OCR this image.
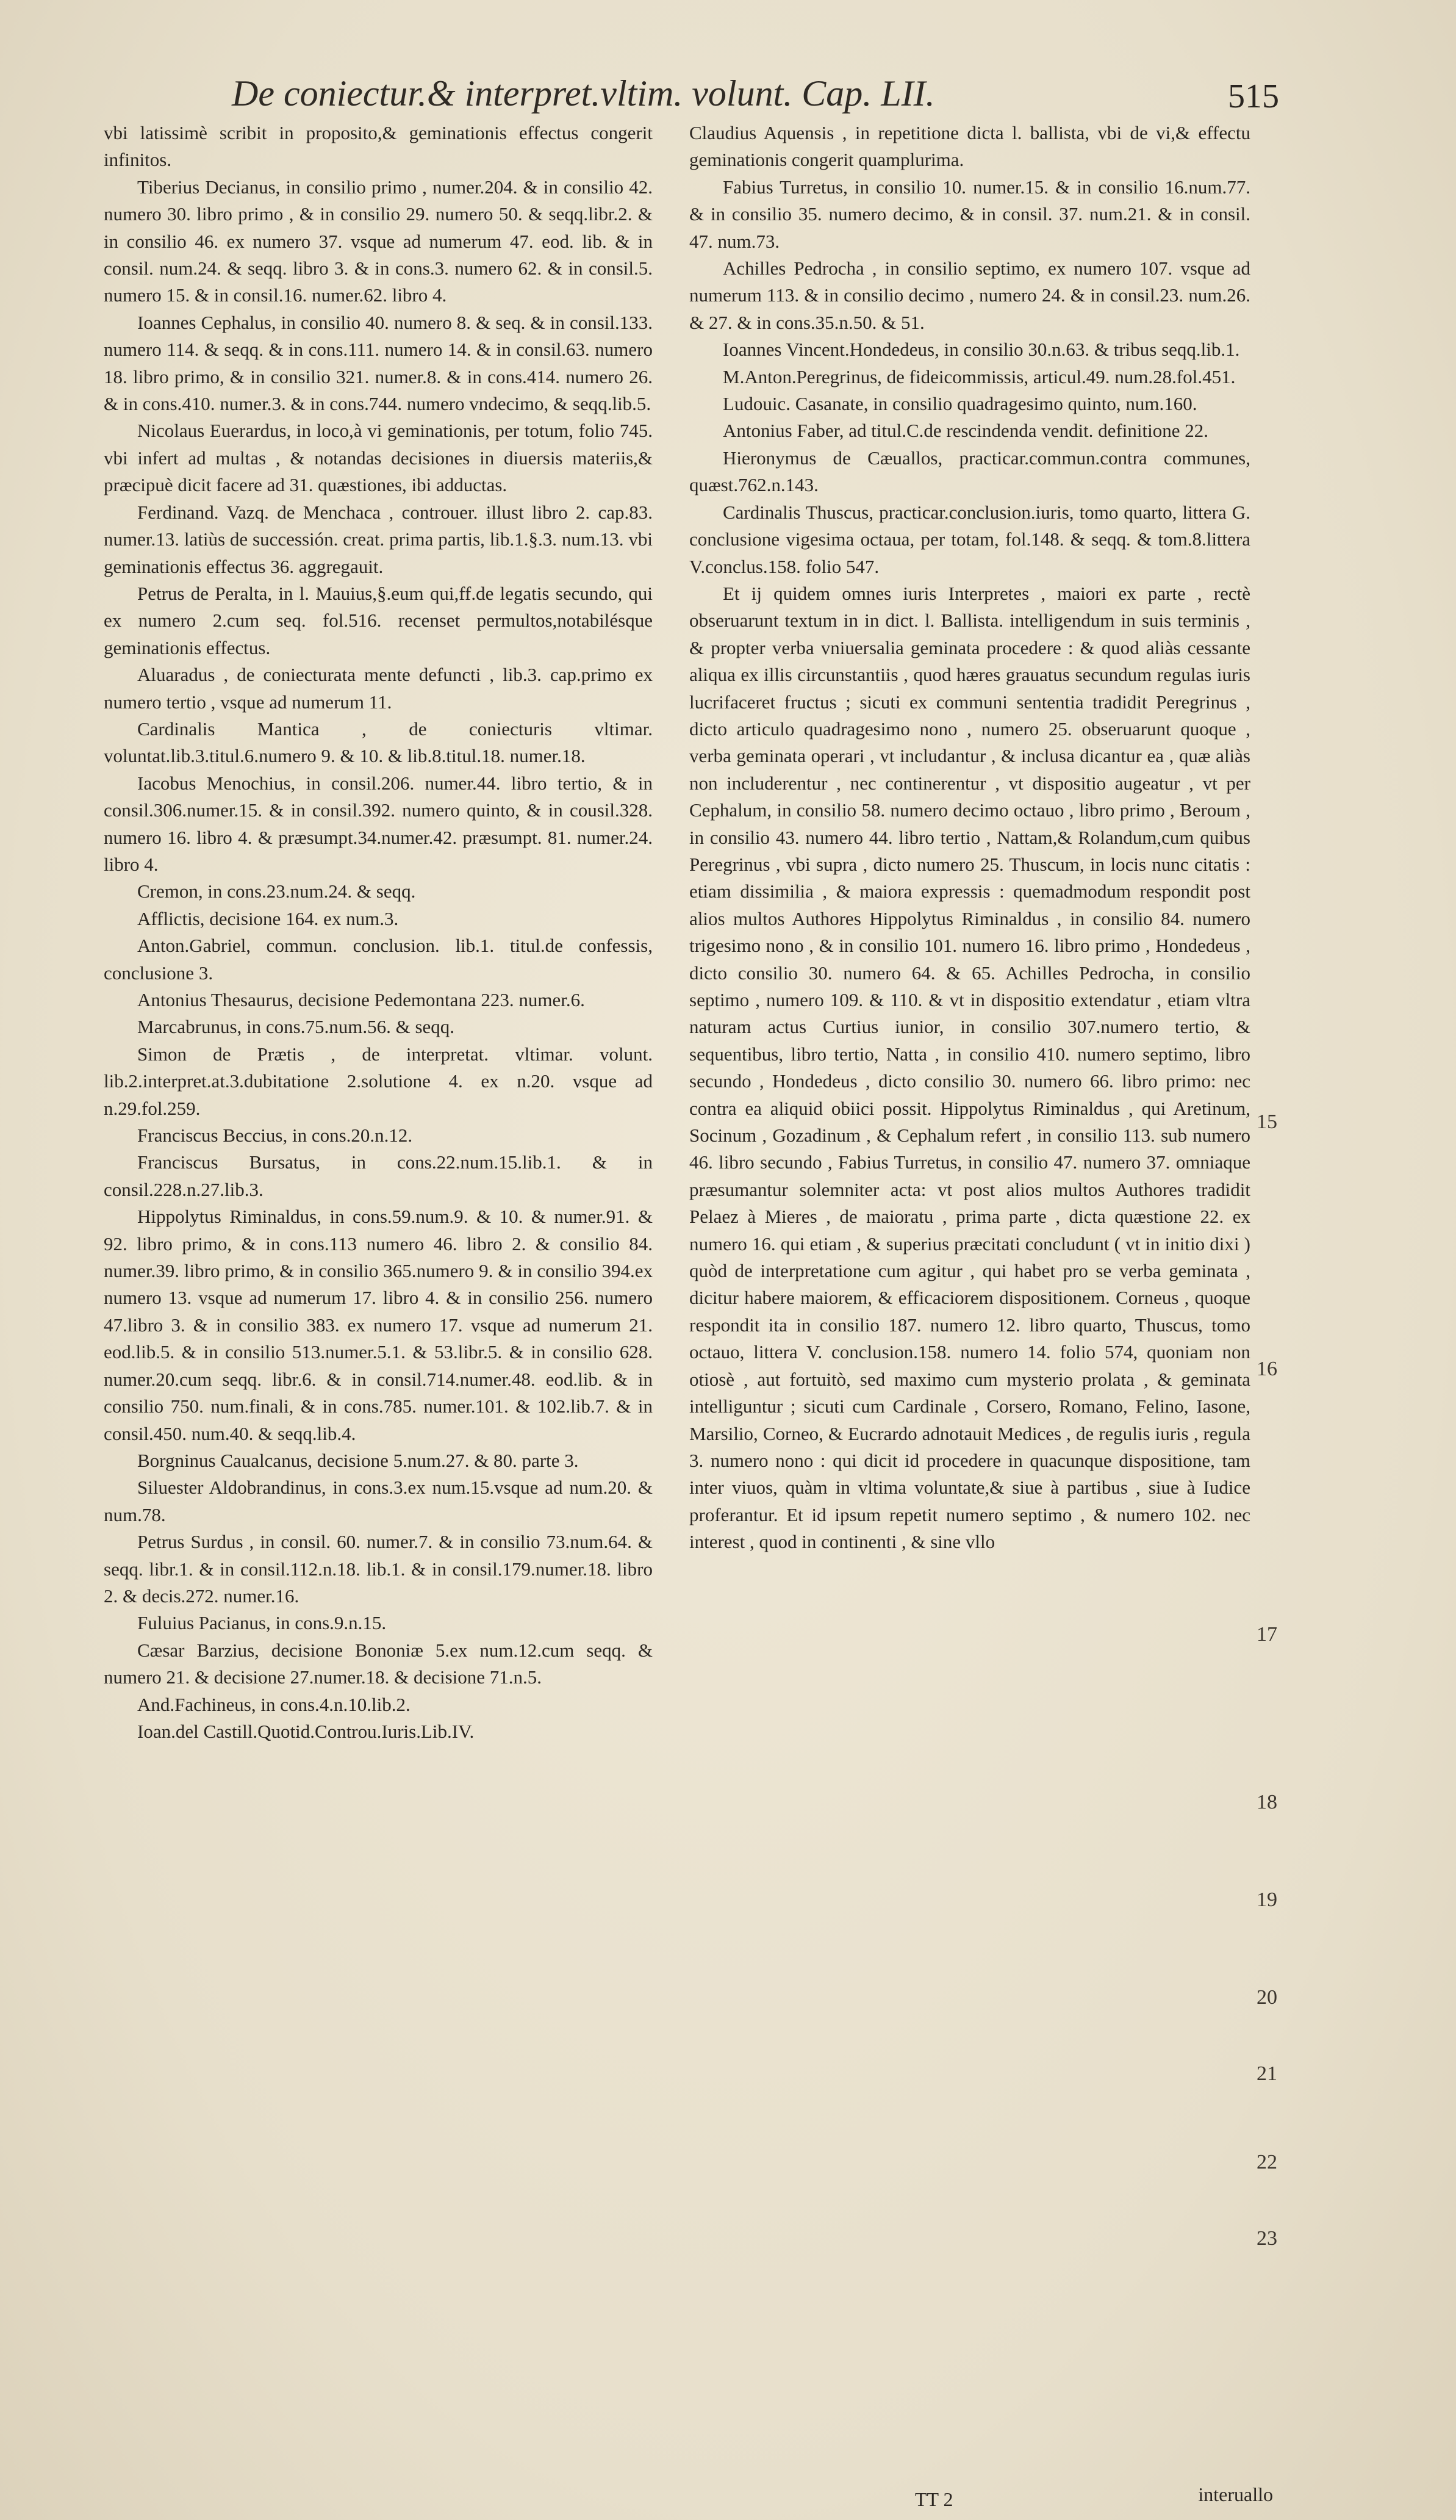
De coniectur.& interpret.vltim. volunt. Cap. LII.	515

vbi latissimè scribit in proposito,& geminationis effectus congerit infinitos.

Tiberius Decianus, in consilio primo , numer.204. & in consilio 42. numero 30. libro primo , & in consilio 29. numero 50. & seqq.libr.2. & in consilio 46. ex numero 37. vsque ad numerum 47. eod. lib. & in consil. num.24. & seqq. libro 3. & in cons.3. numero 62. & in consil.5. numero 15. & in consil.16. numer.62. libro 4.

Ioannes Cephalus, in consilio 40. numero 8. & seq. & in consil.133. numero 114. & seqq. & in cons.111. numero 14. & in consil.63. numero 18. libro primo, & in consilio 321. numer.8. & in cons.414. numero 26. & in cons.410. numer.3. & in cons.744. numero vndecimo, & seqq.lib.5.

Nicolaus Euerardus, in loco,à vi geminationis, per totum, folio 745. vbi infert ad multas , & notandas decisiones in diuersis materiis,& præcipuè dicit facere ad 31. quæstiones, ibi adductas.

Ferdinand. Vazq. de Menchaca , controuer. illust libro 2. cap.83. numer.13. latiùs de successión. creat. prima partis, lib.1.§.3. num.13. vbi geminationis effectus 36. aggregauit.

Petrus de Peralta, in l. Mauius,§.eum qui,ff.de legatis secundo, qui ex numero 2.cum seq. fol.516. recenset permultos,notabilésque geminationis effectus.

Aluaradus , de coniecturata mente defuncti , lib.3. cap.primo ex numero tertio , vsque ad numerum 11.

Cardinalis Mantica , de coniecturis vltimar. voluntat.lib.3.titul.6.numero 9. & 10. & lib.8.titul.18. numer.18.

Iacobus Menochius, in consil.206. numer.44. libro tertio, & in consil.306.numer.15. & in consil.392. numero quinto, & in cousil.328. numero 16. libro 4. & præsumpt.34.numer.42. præsumpt. 81. numer.24. libro 4.

Cremon, in cons.23.num.24. & seqq.

Afflictis, decisione 164. ex num.3.

Anton.Gabriel, commun. conclusion. lib.1. titul.de confessis, conclusione 3.

Antonius Thesaurus, decisione Pedemontana 223. numer.6.

Marcabrunus, in cons.75.num.56. & seqq.

Simon de Prætis , de interpretat. vltimar. volunt. lib.2.interpret.at.3.dubitatione 2.solutione 4. ex n.20. vsque ad n.29.fol.259.

Franciscus Beccius, in cons.20.n.12.

Franciscus Bursatus, in cons.22.num.15.lib.1. & in consil.228.n.27.lib.3.

Hippolytus Riminaldus, in cons.59.num.9. & 10. & numer.91. & 92. libro primo, & in cons.113 numero 46. libro 2. & consilio 84. numer.39. libro primo, & in consilio 365.numero 9. & in consilio 394.ex numero 13. vsque ad numerum 17. libro 4. & in consilio 256. numero 47.libro 3. & in consilio 383. ex numero 17. vsque ad numerum 21. eod.lib.5. & in consilio 513.numer.5.1. & 53.libr.5. & in consilio 628. numer.20.cum seqq. libr.6. & in consil.714.numer.48. eod.lib. & in consilio 750. num.finali, & in cons.785. numer.101. & 102.lib.7. & in consil.450. num.40. & seqq.lib.4.

Borgninus Caualcanus, decisione 5.num.27. & 80. parte 3.

Siluester Aldobrandinus, in cons.3.ex num.15.vsque ad num.20. & num.78.

Petrus Surdus , in consil. 60. numer.7. & in consilio 73.num.64. & seqq. libr.1. & in consil.112.n.18. lib.1. & in consil.179.numer.18. libro 2. & decis.272. numer.16.

Fuluius Pacianus, in cons.9.n.15.

Cæsar Barzius, decisione Bononiæ 5.ex num.12.cum seqq. & numero 21. & decisione 27.numer.18. & decisione 71.n.5.

And.Fachineus, in cons.4.n.10.lib.2.

Ioan.del Castill.Quotid.Controu.Iuris.Lib.IV.

Claudius Aquensis , in repetitione dicta l. ballista, vbi de vi,& effectu geminationis congerit quamplurima.

Fabius Turretus, in consilio 10. numer.15. & in consilio 16.num.77. & in consilio 35. numero decimo, & in consil. 37. num.21. & in consil. 47. num.73.

Achilles Pedrocha , in consilio septimo, ex numero 107. vsque ad numerum 113. & in consilio decimo , numero 24. & in consil.23. num.26. & 27. & in cons.35.n.50. & 51.

Ioannes Vincent.Hondedeus, in consilio 30.n.63. & tribus seqq.lib.1.

M.Anton.Peregrinus, de fideicommissis, articul.49. num.28.fol.451.

Ludouic. Casanate, in consilio quadragesimo quinto, num.160.

Antonius Faber, ad titul.C.de rescindenda vendit. definitione 22.

Hieronymus de Cæuallos, practicar.commun.contra communes, quæst.762.n.143.

Cardinalis Thuscus, practicar.conclusion.iuris, tomo quarto, littera G. conclusione vigesima octaua, per totam, fol.148. & seqq. & tom.8.littera V.conclus.158. folio 547.

Et ij quidem omnes iuris Interpretes , maiori ex parte , rectè obseruarunt textum in in dict. l. Ballista. intelligendum in suis terminis , & propter verba vniuersalia geminata procederе : & quod aliàs cessante aliqua ex illis circunstantiis , quod hæres grauatus secundum regulas iuris lucrifaceret fructus ; sicuti ex communi sententia tradidit Peregrinus , dicto articulo quadragesimo nono , numero 25. obseruarunt quoque , verba geminata operari , vt includantur , & inclusa dicantur ea , quæ aliàs non includerentur , nec continerentur , vt dispositio augeatur , vt per Cephalum, in consilio 58. numero decimo octauo , libro primo , Beroum , in consilio 43. numero 44. libro tertio , Nattam,& Rolandum,cum quibus Peregrinus , vbi supra , dicto numero 25. Thuscum, in locis nunc citatis : etiam dissimilia , & maiora expressis : quemadmodum respondit post alios multos Authores Hippolytus Riminaldus , in consilio 84. numero trigesimo nono , & in consilio 101. numero 16. libro primo , Hondedeus , dicto consilio 30. numero 64. & 65. Achilles Pedrocha, in consilio septimo , numero 109. & 110. & vt in dispositio extendatur , etiam vltra naturam actus Curtius iunior, in consilio 307.numero tertio, & sequentibus, libro tertio, Natta , in consilio 410. numero septimo, libro secundo , Hondedeus , dicto consilio 30. numero 66. libro primo: nec contra ea aliquid obiici possit. Hippolytus Riminaldus , qui Aretinum, Socinum , Gozadinum , & Cephalum refert , in consilio 113. sub numero 46. libro secundo , Fabius Turretus, in consilio 47. numero 37. omniaque præsumantur solemniter acta: vt post alios multos Authores tradidit Pelaez à Mieres , de maioratu , prima parte , dicta quæstione 22. ex numero 16. qui etiam , & superius præcitati concludunt ( vt in initio dixi ) quòd de interpretatione cum agitur , qui habet pro se verba geminata , dicitur habere maiorem, & efficaciorem dispositionem. Corneus , quoque respondit ita in consilio 187. numero 12. libro quarto, Thuscus, tomo octauo, littera V. conclusion.158. numero 14. folio 574, quoniam non otiosè , aut fortuitò, sed maximo cum mysterio prolata , & geminata intelliguntur ; sicuti cum Cardinale , Corsero, Romano, Felino, Iasone, Marsilio, Corneo, & Eucrardo adnotauit Medices , de regulis iuris , regula 3. numero nono : qui dicit id procedere in quacunque dispositione, tam inter viuos, quàm in vltima voluntate,& siue à partibus , siue à Iudice proferantur. Et id ipsum repetit numero septimo , & numero 102. nec interest , quod in continenti , & sine vllo

15
16
17
18
19
20
21
22
23
TT 2	interuallo
